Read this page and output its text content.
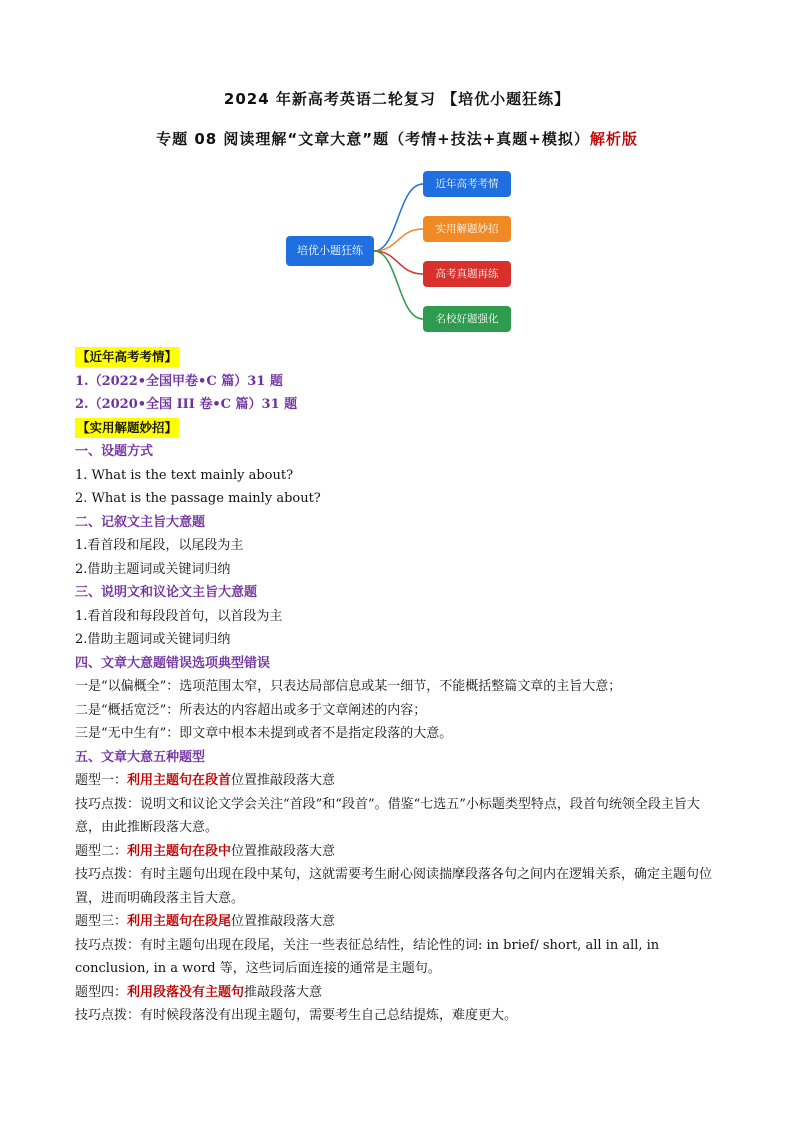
2024 年新高考英语二轮复习 【培优小题狂练】
专题 08 阅读理解“文章大意”题（考情+技法+真题+模拟）解析版
培优小题狂练
近年高考考情
实用解题妙招
高考真题再练
名校好题强化
【近年高考考情】
1.（2022•全国甲卷•C 篇）31 题
2.（2020•全国 III 卷•C 篇）31 题
【实用解题妙招】
一、设题方式
1. What is the text mainly about?
2. What is the passage mainly about?
二、记叙文主旨大意题
1.看首段和尾段，以尾段为主
2.借助主题词或关键词归纳
三、说明文和议论文主旨大意题
1.看首段和每段段首句，以首段为主
2.借助主题词或关键词归纳
四、文章大意题错误选项典型错误
一是“以偏概全”：选项范围太窄，只表达局部信息或某一细节，不能概括整篇文章的主旨大意；
二是“概括宽泛”：所表达的内容超出或多于文章阐述的内容；
三是“无中生有”：即文章中根本未提到或者不是指定段落的大意。
五、文章大意五种题型
题型一：利用主题句在段首位置推敲段落大意
技巧点拨：说明文和议论文学会关注“首段”和“段首”。借鉴“七选五”小标题类型特点，段首句统领全段主旨大意，由此推断段落大意。
题型二：利用主题句在段中位置推敲段落大意
技巧点拨：有时主题句出现在段中某句，这就需要考生耐心阅读揣摩段落各句之间内在逻辑关系，确定主题句位置，进而明确段落主旨大意。
题型三：利用主题句在段尾位置推敲段落大意
技巧点拨：有时主题句出现在段尾，关注一些表征总结性，结论性的词: in brief/ short, all in all, in conclusion, in a word 等，这些词后面连接的通常是主题句。
题型四：利用段落没有主题句推敲段落大意
技巧点拨：有时候段落没有出现主题句，需要考生自己总结提炼，难度更大。
